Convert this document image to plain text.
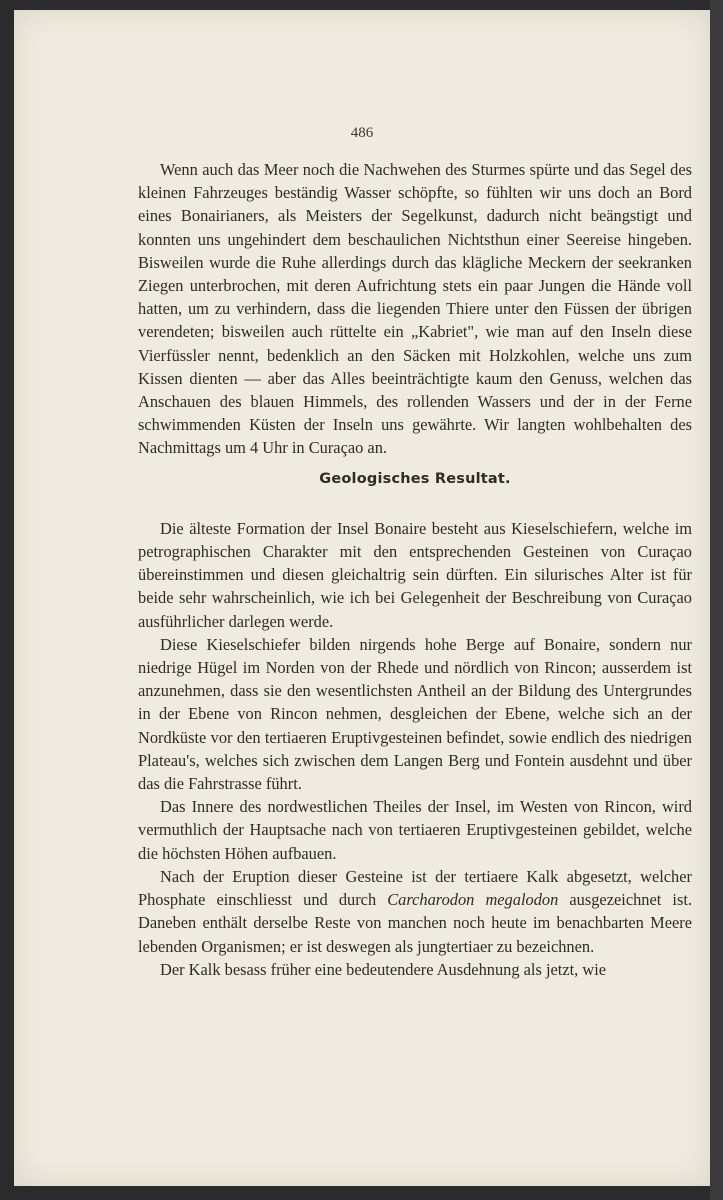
486

Wenn auch das Meer noch die Nachwehen des Sturmes spürte und das Segel des kleinen Fahrzeuges beständig Wasser schöpfte, so fühlten wir uns doch an Bord eines Bonairianers, als Meisters der Segelkunst, dadurch nicht beängstigt und konnten uns ungehindert dem beschaulichen Nichtsthun einer Seereise hingeben. Bisweilen wurde die Ruhe allerdings durch das klägliche Meckern der seekranken Ziegen unterbrochen, mit deren Aufrichtung stets ein paar Jungen die Hände voll hatten, um zu verhindern, dass die liegenden Thiere unter den Füssen der übrigen verendeten; bisweilen auch rüttelte ein „Kabriet", wie man auf den Inseln diese Vierfüssler nennt, bedenklich an den Säcken mit Holzkohlen, welche uns zum Kissen dienten — aber das Alles beeinträchtigte kaum den Genuss, welchen das Anschauen des blauen Himmels, des rollenden Wassers und der in der Ferne schwimmenden Küsten der Inseln uns gewährte. Wir langten wohlbehalten des Nachmittags um 4 Uhr in Curaçao an.

Geologisches Resultat.

Die älteste Formation der Insel Bonaire besteht aus Kieselschiefern, welche im petrographischen Charakter mit den entsprechenden Gesteinen von Curaçao übereinstimmen und diesen gleichaltrig sein dürften. Ein silurisches Alter ist für beide sehr wahrscheinlich, wie ich bei Gelegenheit der Beschreibung von Curaçao ausführlicher darlegen werde.

Diese Kieselschiefer bilden nirgends hohe Berge auf Bonaire, sondern nur niedrige Hügel im Norden von der Rhede und nördlich von Rincon; ausserdem ist anzunehmen, dass sie den wesentlichsten Antheil an der Bildung des Untergrundes in der Ebene von Rincon nehmen, desgleichen der Ebene, welche sich an der Nordküste vor den tertiaeren Eruptivgesteinen befindet, sowie endlich des niedrigen Plateau's, welches sich zwischen dem Langen Berg und Fontein ausdehnt und über das die Fahrstrasse führt.

Das Innere des nordwestlichen Theiles der Insel, im Westen von Rincon, wird vermuthlich der Hauptsache nach von tertiaeren Eruptivgesteinen gebildet, welche die höchsten Höhen aufbauen.

Nach der Eruption dieser Gesteine ist der tertiaere Kalk abgesetzt, welcher Phosphate einschliesst und durch Carcharodon megalodon ausgezeichnet ist. Daneben enthält derselbe Reste von manchen noch heute im benachbarten Meere lebenden Organismen; er ist deswegen als jungtertiaer zu bezeichnen.

Der Kalk besass früher eine bedeutendere Ausdehnung als jetzt, wie
